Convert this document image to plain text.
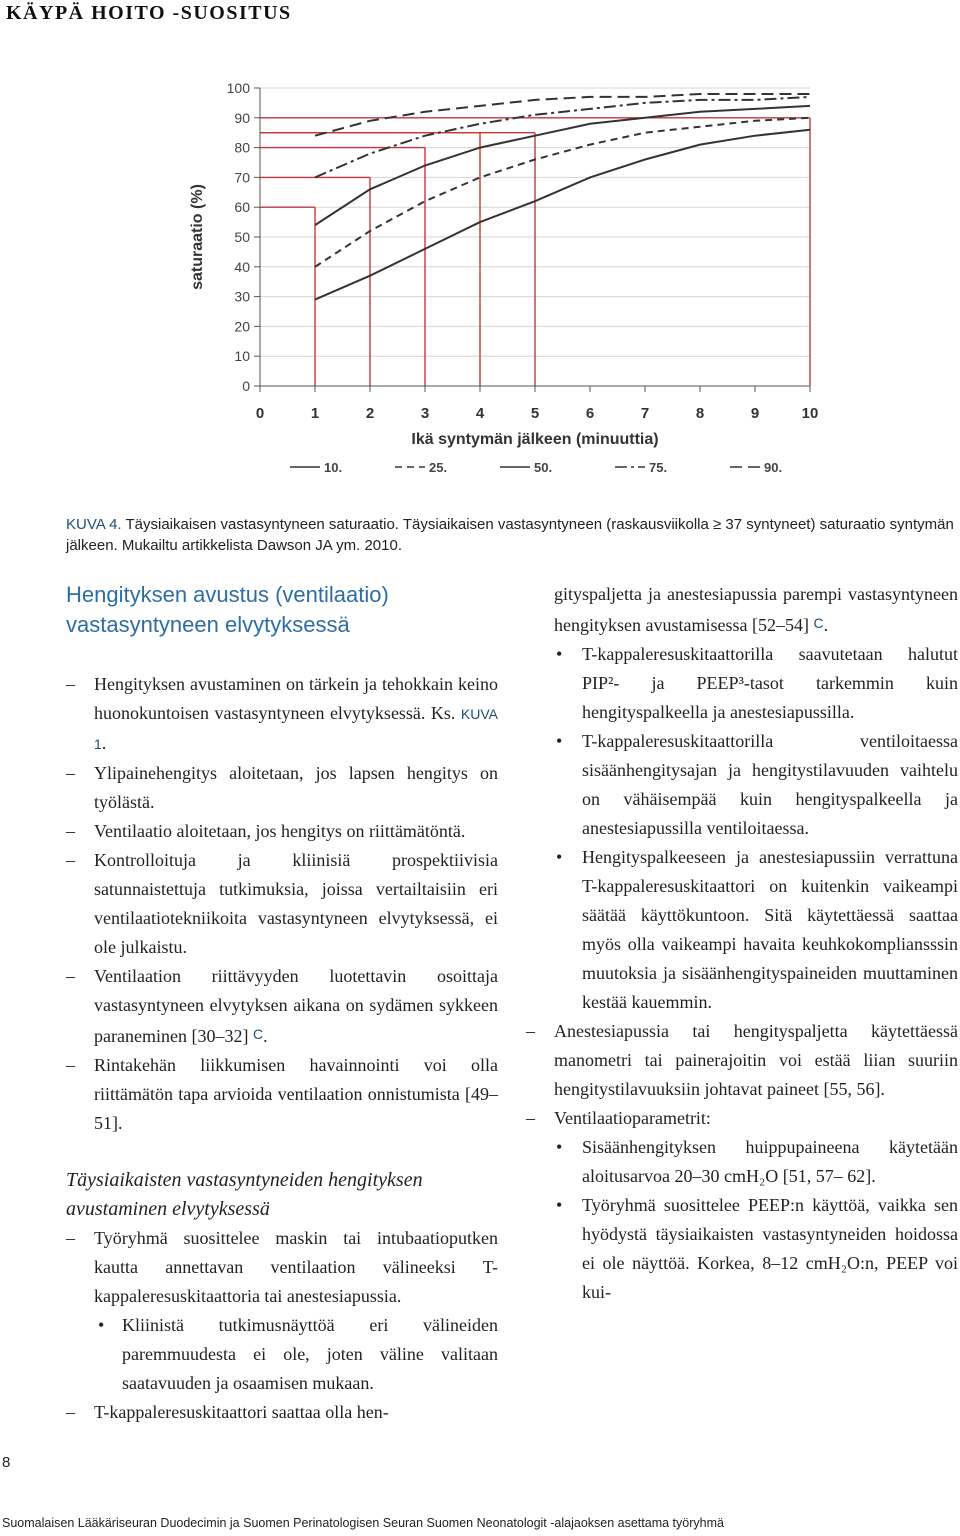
KÄYPÄ HOITO -SUOSITUS
0
10
20
30
40
50
60
70
80
90
100
0	1	2	3	4	5	6	7	8	9	10
saturaatio (%)
Ikä syntymän jälkeen (minuuttia)
10.	25.	50.	75.	90.
KUVA 4. Täysiaikaisen vastasyntyneen saturaatio. Täysiaikaisen vastasyntyneen (raskausviikolla ≥ 37 syntyneet) saturaatio syntymän jälkeen. Mukailtu artikkelista Dawson JA ym. 2010.
Hengityksen avustus (ventilaatio) vastasyntyneen elvytyksessä

– Hengityksen avustaminen on tärkein ja tehokkain keino huonokuntoisen vastasyntyneen elvytyksessä. Ks. KUVA 1.

– Ylipainehengitys aloitetaan, jos lapsen hengitys on työlästä.

– Ventilaatio aloitetaan, jos hengitys on riittämätöntä.

– Kontrolloituja ja kliinisiä prospektiivisia satunnaistettuja tutkimuksia, joissa vertailtaisiin eri ventilaatiotekniikoita vastasyntyneen elvytyksessä, ei ole julkaistu.

– Ventilaation riittävyyden luotettavin osoittaja vastasyntyneen elvytyksen aikana on sydämen sykkeen paraneminen [30–32] C.

– Rintakehän liikkumisen havainnointi voi olla riittämätön tapa arvioida ventilaation onnistumista [49–51].

Täysiaikaisten vastasyntyneiden hengityksen avustaminen elvytyksessä

– Työryhmä suosittelee maskin tai intubaatioputken kautta annettavan ventilaation välineeksi T-kappaleresuskitaattoria tai anestesiapussia.

• Kliinistä tutkimusnäyttöä eri välineiden paremmuudesta ei ole, joten väline valitaan saatavuuden ja osaamisen mukaan.

– T-kappaleresuskitaattori saattaa olla hen-

gityspaljetta ja anestesiapussia parempi vastasyntyneen hengityksen avustamisessa [52–54] C.

• T-kappaleresuskitaattorilla saavutetaan halutut PIP²- ja PEEP³-tasot tarkemmin kuin hengityspalkeella ja anestesiapussilla.

• T-kappaleresuskitaattorilla ventiloitaessa sisäänhengitysajan ja hengitystilavuuden vaihtelu on vähäisempää kuin hengityspalkeella ja anestesiapussilla ventiloitaessa.

• Hengityspalkeeseen ja anestesiapussiin verrattuna T-kappaleresuskitaattori on kuitenkin vaikeampi säätää käyttökuntoon. Sitä käytettäessä saattaa myös olla vaikeampi havaita keuhkokompliansssin muutoksia ja sisäänhengityspaineiden muuttaminen kestää kauemmin.

– Anestesiapussia tai hengityspaljetta käytettäessä manometri tai painerajoitin voi estää liian suuriin hengitystilavuuksiin johtavat paineet [55, 56].

– Ventilaatioparametrit:

• Sisäänhengityksen huippupaineena käytetään aloitusarvoa 20–30 cmH₂O [51, 57– 62].

• Työryhmä suosittelee PEEP:n käyttöä, vaikka sen hyödystä täysiaikaisten vastasyntyneiden hoidossa ei ole näyttöä. Korkea, 8–12 cmH₂O:n, PEEP voi kui-

8
Suomalaisen Lääkäriseuran Duodecimin ja Suomen Perinatologisen Seuran Suomen Neonatologit -alajaoksen asettama työryhmä
